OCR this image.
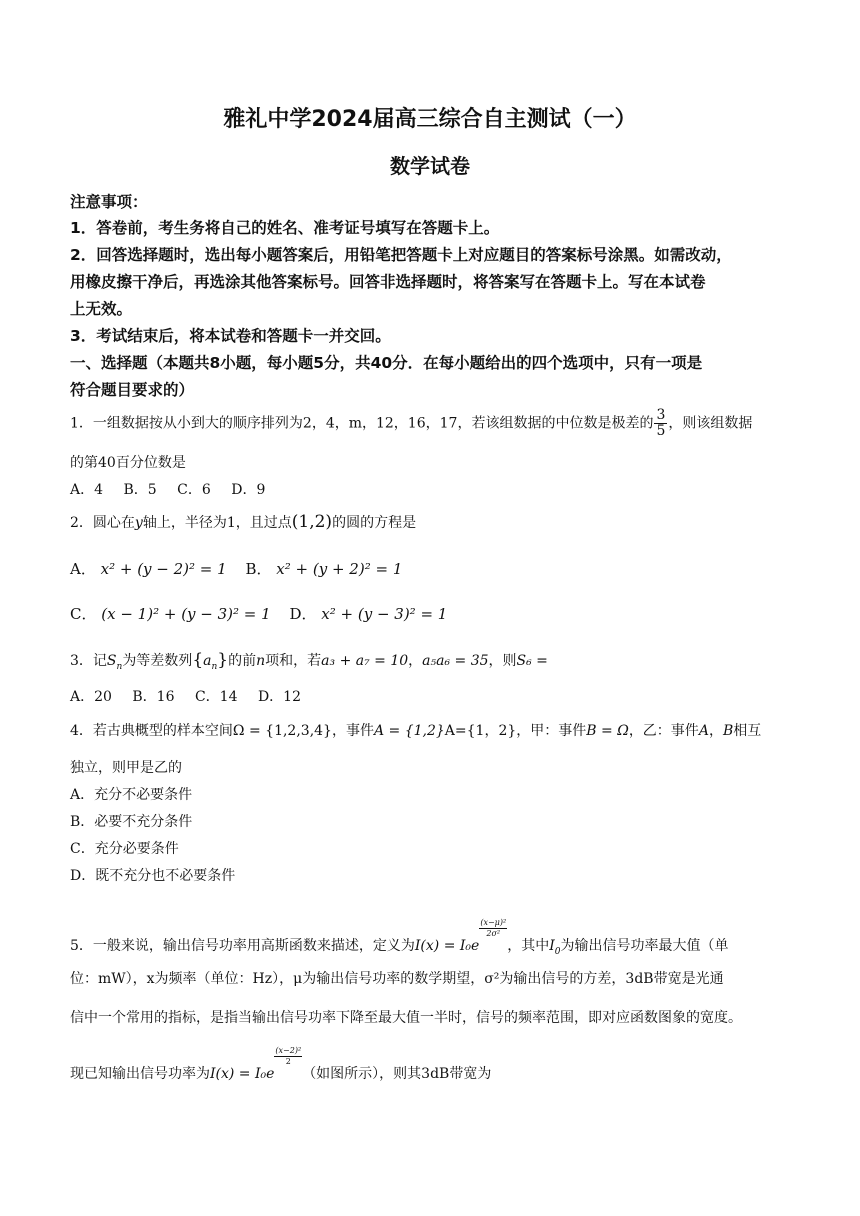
雅礼中学2024届高三综合自主测试（一）
数学试卷
注意事项：
1．答卷前，考生务将自己的姓名、准考证号填写在答题卡上。
2．回答选择题时，选出每小题答案后，用铅笔把答题卡上对应题目的答案标号涂黑。如需改动，
用橡皮擦干净后，再选涂其他答案标号。回答非选择题时，将答案写在答题卡上。写在本试卷
上无效。
3．考试结束后，将本试卷和答题卡一并交回。
一、选择题（本题共8小题，每小题5分，共40分．在每小题给出的四个选项中，只有一项是
符合题目要求的）
1．一组数据按从小到大的顺序排列为2，4，m，12，16，17，若该组数据的中位数是极差的 $\frac{3}{5}$ ，则该组数据
的第40百分位数是
A．4 B．5 C．6 D．9
2．圆心在y轴上，半径为1，且过点(1,2)的圆的方程是
A． x² + (y − 2)² = 1 B． x² + (y + 2)² = 1
C． (x − 1)² + (y − 3)² = 1 D． x² + (y − 3)² = 1
3．记$S_n$为等差数列$\{a_n\}$的前n项和，若a₃ + a₇ = 10，a₅a₆ = 35，则S₆ =
A．20 B．16 C．14 D．12
4．若古典概型的样本空间Ω = {1,2,3,4}，事件A = {1,2}A={1，2}，甲：事件B = Ω，乙：事件A，B相互
独立，则甲是乙的
A．充分不必要条件
B．必要不充分条件
C．充分必要条件
D．既不充分也不必要条件
5．一般来说，输出信号功率用高斯函数来描述，定义为I(x) = I₀e
$\frac{\text{(x−μ)²}}{\text{2σ²}}$
，其中$I_0$为输出信号功率最大值（单
位：mW），x为频率（单位：Hz），μ为输出信号功率的数学期望，σ²为输出信号的方差，3dB带宽是光通
信中一个常用的指标，是指当输出信号功率下降至最大值一半时，信号的频率范围，即对应函数图象的宽度。
现已知输出信号功率为I(x) = I₀e
$\frac{\text{(x−2)²}}{2}$
（如图所示），则其3dB带宽为
